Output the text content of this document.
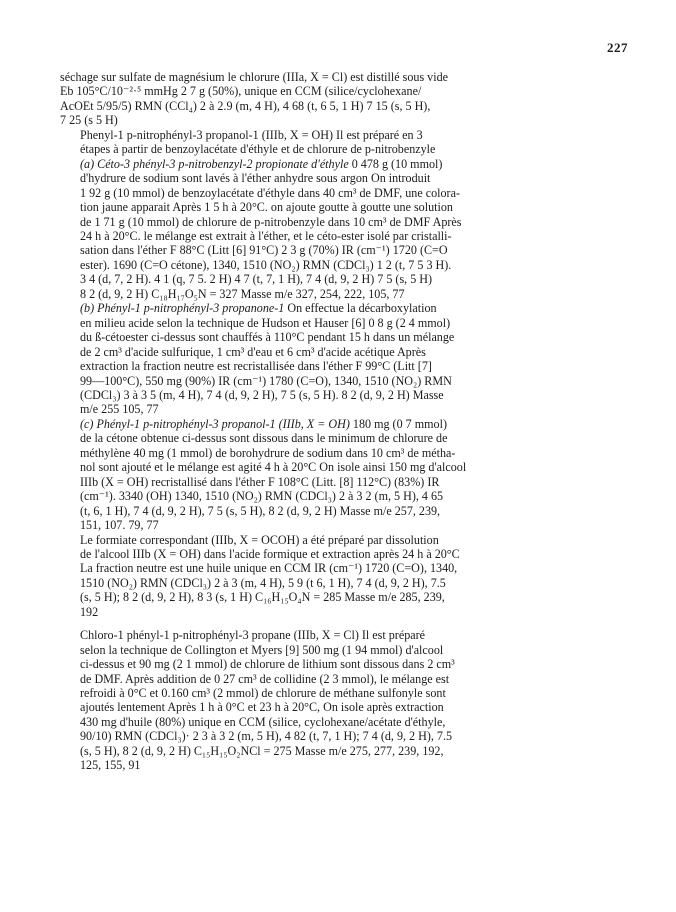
227
séchage sur sulfate de magnésium le chlorure (IIIa, X = Cl) est distillé sous vide
Eb 105°C/10⁻²·⁵ mmHg 2 7 g (50%), unique en CCM (silice/cyclohexane/
AcOEt 5/95/5) RMN (CCl₄) 2 à 2.9 (m, 4 H), 4 68 (t, 6 5, 1 H) 7 15 (s, 5 H),
7 25 (s 5 H)
Phenyl-1 p-nitrophényl-3 propanol-1 (IIIb, X = OH) Il est préparé en 3
étapes à partir de benzoylacétate d'éthyle et de chlorure de p-nitrobenzyle
(a) Céto-3 phényl-3 p-nitrobenzyl-2 propionate d'éthyle 0 478 g (10 mmol)
d'hydrure de sodium sont lavés à l'éther anhydre sous argon On introduit
1 92 g (10 mmol) de benzoylacétate d'éthyle dans 40 cm³ de DMF, une colora-
tion jaune apparait Après 1 5 h à 20°C. on ajoute goutte à goutte une solution
de 1 71 g (10 mmol) de chlorure de p-nitrobenzyle dans 10 cm³ de DMF Après
24 h à 20°C. le mélange est extrait à l'éther, et le céto-ester isolé par cristalli-
sation dans l'éther F 88°C (Litt [6] 91°C) 2 3 g (70%) IR (cm⁻¹) 1720 (C=O
ester). 1690 (C=O cétone), 1340, 1510 (NO₂) RMN (CDCl₃) 1 2 (t, 7 5 3 H).
3 4 (d, 7, 2 H). 4 1 (q, 7 5. 2 H) 4 7 (t, 7, 1 H), 7 4 (d, 9, 2 H) 7 5 (s, 5 H)
8 2 (d, 9, 2 H) C₁₈H₁₇O₅N = 327 Masse m/e 327, 254, 222, 105, 77
(b) Phényl-1 p-nitrophényl-3 propanone-1 On effectue la décarboxylation
en milieu acide selon la technique de Hudson et Hauser [6] 0 8 g (2 4 mmol)
du ß-cétoester ci-dessus sont chauffés à 110°C pendant 15 h dans un mélange
de 2 cm³ d'acide sulfurique, 1 cm³ d'eau et 6 cm³ d'acide acétique Après
extraction la fraction neutre est recristallisée dans l'éther F 99°C (Litt [7]
99—100°C), 550 mg (90%) IR (cm⁻¹) 1780 (C=O), 1340, 1510 (NO₂) RMN
(CDCl₃) 3 à 3 5 (m, 4 H), 7 4 (d, 9, 2 H), 7 5 (s, 5 H). 8 2 (d, 9, 2 H) Masse
m/e 255 105, 77
(c) Phényl-1 p-nitrophényl-3 propanol-1 (IIIb, X = OH) 180 mg (0 7 mmol)
de la cétone obtenue ci-dessus sont dissous dans le minimum de chlorure de
méthylène 40 mg (1 mmol) de borohydrure de sodium dans 10 cm³ de métha-
nol sont ajouté et le mélange est agité 4 h à 20°C On isole ainsi 150 mg d'alcool
IIIb (X = OH) recristallisé dans l'éther F 108°C (Litt. [8] 112°C) (83%) IR
(cm⁻¹). 3340 (OH) 1340, 1510 (NO₂) RMN (CDCl₃) 2 à 3 2 (m, 5 H), 4 65
(t, 6, 1 H), 7 4 (d, 9, 2 H), 7 5 (s, 5 H), 8 2 (d, 9, 2 H) Masse m/e 257, 239,
151, 107. 79, 77
Le formiate correspondant (IIIb, X = OCOH) a été préparé par dissolution
de l'alcool IIIb (X = OH) dans l'acide formique et extraction après 24 h à 20°C
La fraction neutre est une huile unique en CCM IR (cm⁻¹) 1720 (C=O), 1340,
1510 (NO₂) RMN (CDCl₃) 2 à 3 (m, 4 H), 5 9 (t 6, 1 H), 7 4 (d, 9, 2 H), 7.5
(s, 5 H); 8 2 (d, 9, 2 H), 8 3 (s, 1 H) C₁₆H₁₅O₄N = 285 Masse m/e 285, 239,
192
Chloro-1 phényl-1 p-nitrophényl-3 propane (IIIb, X = Cl) Il est préparé
selon la technique de Collington et Myers [9] 500 mg (1 94 mmol) d'alcool
ci-dessus et 90 mg (2 1 mmol) de chlorure de lithium sont dissous dans 2 cm³
de DMF. Après addition de 0 27 cm³ de collidine (2 3 mmol), le mélange est
refroidi à 0°C et 0.160 cm³ (2 mmol) de chlorure de méthane sulfonyle sont
ajoutés lentement Après 1 h à 0°C et 23 h à 20°C, On isole après extraction
430 mg d'huile (80%) unique en CCM (silice, cyclohexane/acétate d'éthyle,
90/10) RMN (CDCl₃)· 2 3 à 3 2 (m, 5 H), 4 82 (t, 7, 1 H); 7 4 (d, 9, 2 H), 7.5
(s, 5 H), 8 2 (d, 9, 2 H) C₁₅H₁₅O₂NCl = 275 Masse m/e 275, 277, 239, 192,
125, 155, 91
